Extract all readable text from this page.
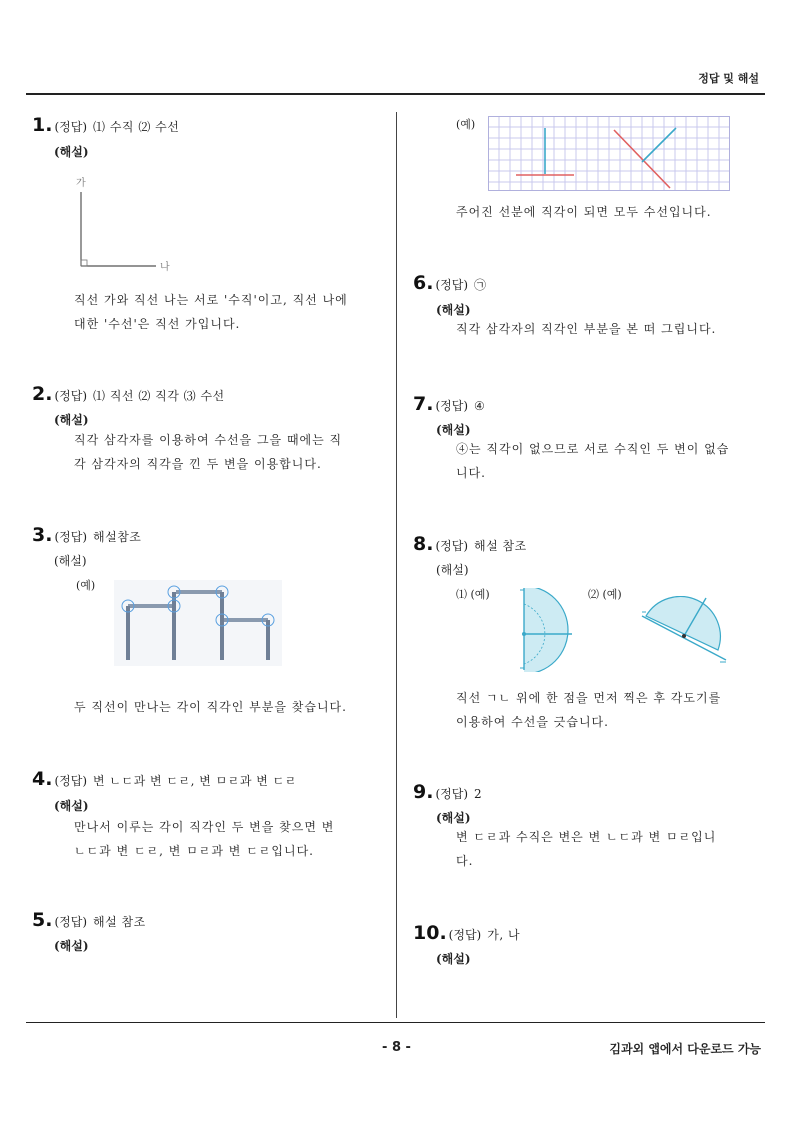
정답 및 해설
1. (정답) ⑴ 수직 ⑵ 수선
(해설)
가
나
직선 가와 직선 나는 서로 '수직'이고, 직선 나에
대한 '수선'은 직선 가입니다.
2. (정답) ⑴ 직선 ⑵ 직각 ⑶ 수선
(해설)
직각 삼각자를 이용하여 수선을 그을 때에는 직
각 삼각자의 직각을 낀 두 변을 이용합니다.
3. (정답) 해설참조
(해설)
(예)
두 직선이 만나는 각이 직각인 부분을 찾습니다.
4. (정답) 변 ㄴㄷ과 변 ㄷㄹ, 변 ㅁㄹ과 변 ㄷㄹ
(해설)
만나서 이루는 각이 직각인 두 변을 찾으면 변
ㄴㄷ과 변 ㄷㄹ, 변 ㅁㄹ과 변 ㄷㄹ입니다.
5. (정답) 해설 참조
(해설)
(예)
주어진 선분에 직각이 되면 모두 수선입니다.
6. (정답) ㉠
(해설)
직각 삼각자의 직각인 부분을 본 떠 그립니다.
7. (정답) ④
(해설)
④는 직각이 없으므로 서로 수직인 두 변이 없습
니다.
8. (정답) 해설 참조
(해설)
⑴ (예)	⑵ (예)
직선 ㄱㄴ 위에 한 점을 먼저 찍은 후 각도기를
이용하여 수선을 긋습니다.
9. (정답) 2
(해설)
변 ㄷㄹ과 수직은 변은 변 ㄴㄷ과 변 ㅁㄹ입니
다.
10. (정답) 가, 나
(해설)
- 8 -	김과외 앱에서 다운로드 가능
